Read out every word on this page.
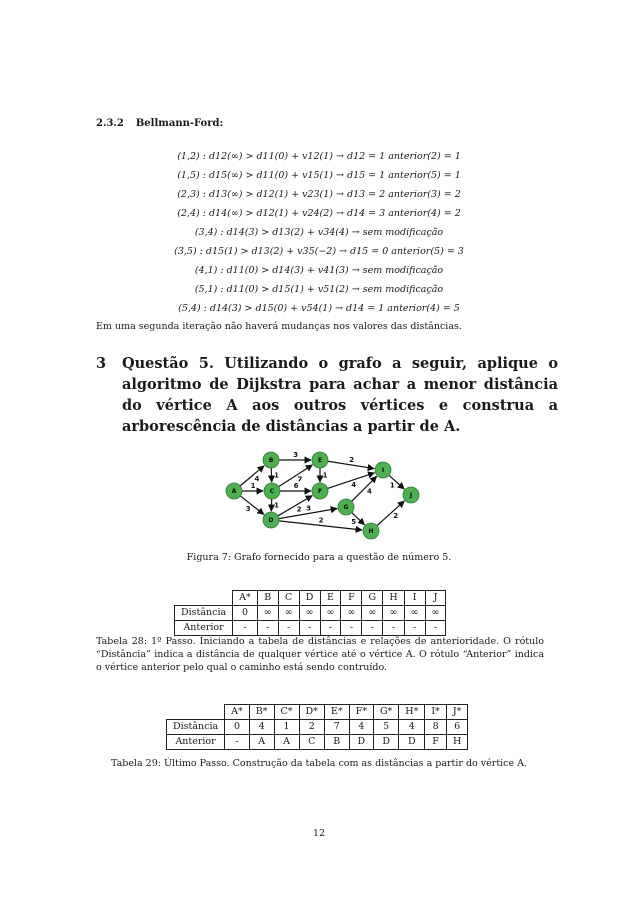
2.3.2 Bellmann-Ford:
(1,2) : d12(∞) > d11(0) + v12(1) → d12 = 1 anterior(2) = 1
(1,5) : d15(∞) > d11(0) + v15(1) → d15 = 1 anterior(5) = 1
(2,3) : d13(∞) > d12(1) + v23(1) → d13 = 2 anterior(3) = 2
(2,4) : d14(∞) > d12(1) + v24(2) → d14 = 3 anterior(4) = 2
(3,4) : d14(3) > d13(2) + v34(4) → sem modificação
(3,5) : d15(1) > d13(2) + v35(−2) → d15 = 0 anterior(5) = 3
(4,1) : d11(0) > d14(3) + v41(3) → sem modificação
(5,1) : d11(0) > d15(1) + v51(2) → sem modificação
(5,4) : d14(3) > d15(0) + v54(1) → d14 = 1 anterior(4) = 5
Em uma segunda iteração não haverá mudanças nos valores das distâncias.
3 Questão 5. Utilizando o grafo a seguir, aplique o algoritmo de Dijkstra para achar a menor distância do vértice A aos outros vértices e construa a arborescência de distâncias a partir de A.
4
1
3
3
1	7
6
1
2 3
2
1
2
4
4
5
1
2
A
B
C
D
E
F
G
H
I
J
Figura 7: Grafo fornecido para a questão de número 5.
	A*	B	C	D	E	F	G	H	I	J
Distância	0	∞	∞	∞	∞	∞	∞	∞	∞	∞
Anterior	-	-	-	-	-	-	-	-	-	-
Tabela 28: 1º Passo. Iniciando a tabela de distâncias e relações de anterioridade. O rótulo “Distância” indica a distância de qualquer vértice até o vértice A. O rótulo “Anterior” indica o vértice anterior pelo qual o caminho está sendo contruído.
	A*	B*	C*	D*	E*	F*	G*	H*	I*	J*
Distância	0	4	1	2	7	4	5	4	8	6
Anterior	-	A	A	C	B	D	D	D	F	H
Tabela 29: Último Passo. Construção da tabela com as distâncias a partir do vértice A.
12
